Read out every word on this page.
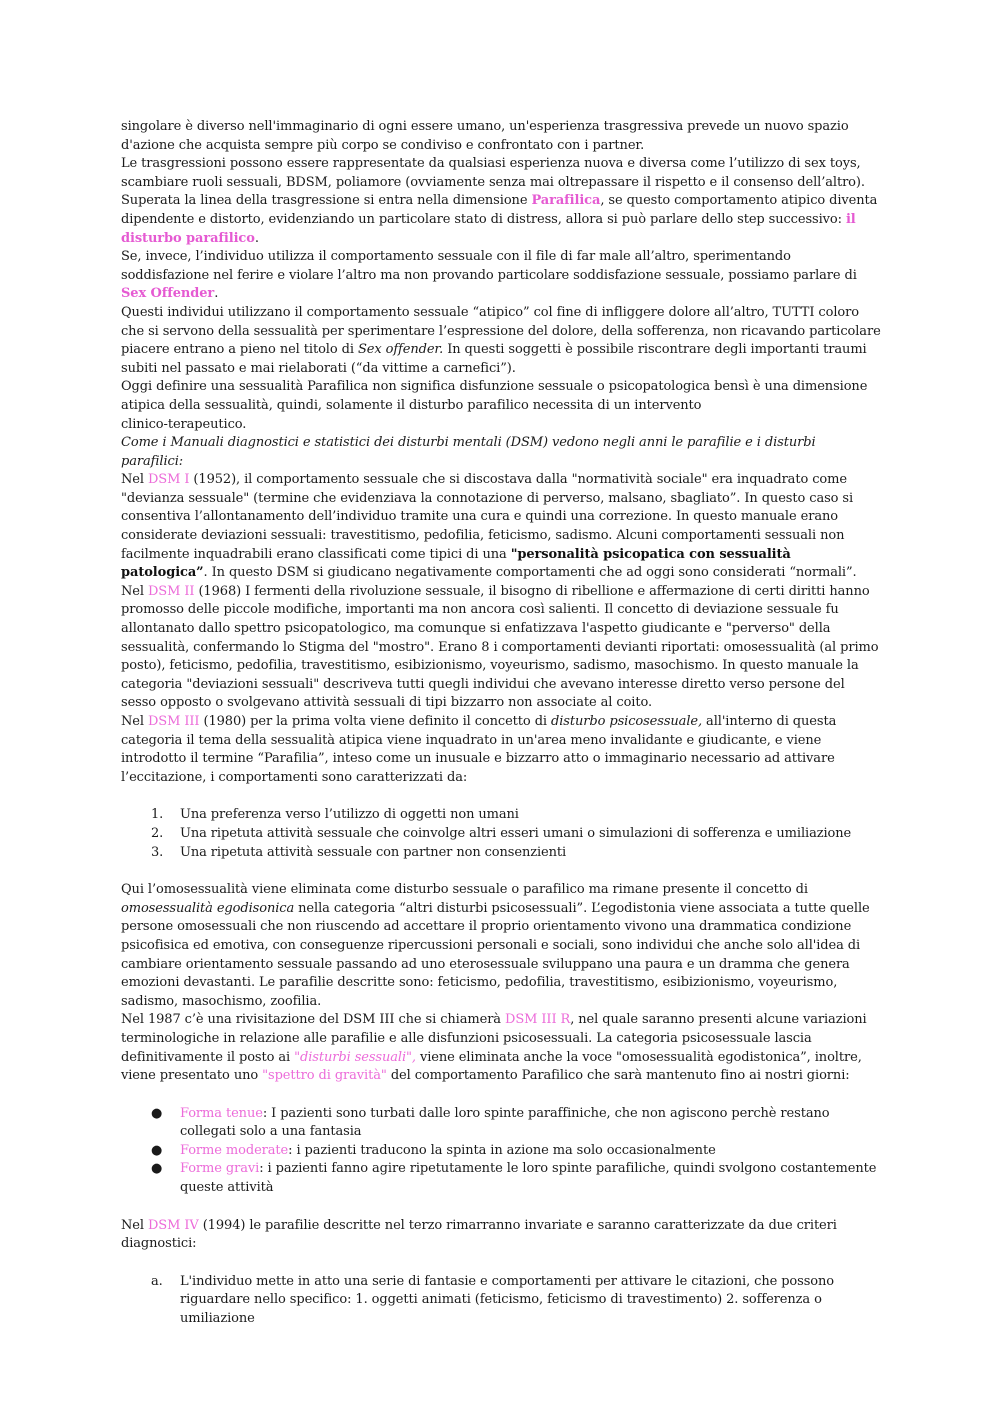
singolare è diverso nell'immaginario di ogni essere umano, un'esperienza trasgressiva prevede un nuovo spazio d'azione che acquista sempre più corpo se condiviso e confrontato con i partner.

Le trasgressioni possono essere rappresentate da qualsiasi esperienza nuova e diversa come l’utilizzo di sex toys, scambiare ruoli sessuali, BDSM, poliamore (ovviamente senza mai oltrepassare il rispetto e il consenso dell’altro).

Superata la linea della trasgressione si entra nella dimensione Parafilica, se questo comportamento atipico diventa dipendente e distorto, evidenziando un particolare stato di distress, allora si può parlare dello step successivo: il disturbo parafilico.

Se, invece, l’individuo utilizza il comportamento sessuale con il file di far male all’altro, sperimentando soddisfazione nel ferire e violare l’altro ma non provando particolare soddisfazione sessuale, possiamo parlare di Sex Offender.

Questi individui utilizzano il comportamento sessuale “atipico” col fine di infliggere dolore all’altro, TUTTI coloro che si servono della sessualità per sperimentare l’espressione del dolore, della sofferenza, non ricavando particolare piacere entrano a pieno nel titolo di Sex offender. In questi soggetti è possibile riscontrare degli importanti traumi subiti nel passato e mai rielaborati (“da vittime a carnefici”).

Oggi definire una sessualità Parafilica non significa disfunzione sessuale o psicopatologica bensì è una dimensione atipica della sessualità, quindi, solamente il disturbo parafilico necessita di un intervento

clinico-terapeutico.

Come i Manuali diagnostici e statistici dei disturbi mentali (DSM) vedono negli anni le parafilie e i disturbi parafilici:

Nel DSM I (1952), il comportamento sessuale che si discostava dalla "normatività sociale" era inquadrato come "devianza sessuale" (termine che evidenziava la connotazione di perverso, malsano, sbagliato”. In questo caso si consentiva l’allontanamento dell’individuo tramite una cura e quindi una correzione. In questo manuale erano considerate deviazioni sessuali: travestitismo, pedofilia, feticismo, sadismo. Alcuni comportamenti sessuali non facilmente inquadrabili erano classificati come tipici di una "personalità psicopatica con sessualità patologica”. In questo DSM si giudicano negativamente comportamenti che ad oggi sono considerati “normali”.

Nel DSM II (1968) I fermenti della rivoluzione sessuale, il bisogno di ribellione e affermazione di certi diritti hanno promosso delle piccole modifiche, importanti ma non ancora così salienti. Il concetto di deviazione sessuale fu allontanato dallo spettro psicopatologico, ma comunque si enfatizzava l'aspetto giudicante e "perverso" della sessualità, confermando lo Stigma del "mostro". Erano 8 i comportamenti devianti riportati: omosessualità (al primo posto), feticismo, pedofilia, travestitismo, esibizionismo, voyeurismo, sadismo, masochismo. In questo manuale la categoria "deviazioni sessuali" descriveva tutti quegli individui che avevano interesse diretto verso persone del sesso opposto o svolgevano attività sessuali di tipi bizzarro non associate al coito.

Nel DSM III (1980) per la prima volta viene definito il concetto di disturbo psicosessuale, all'interno di questa categoria il tema della sessualità atipica viene inquadrato in un'area meno invalidante e giudicante, e viene introdotto il termine “Parafilia”, inteso come un inusuale e bizzarro atto o immaginario necessario ad attivare l’eccitazione, i comportamenti sono caratterizzati da:

1. Una preferenza verso l’utilizzo di oggetti non umani
2. Una ripetuta attività sessuale che coinvolge altri esseri umani o simulazioni di sofferenza e umiliazione
3. Una ripetuta attività sessuale con partner non consenzienti

Qui l’omosessualità viene eliminata come disturbo sessuale o parafilico ma rimane presente il concetto di omosessualità egodisonica nella categoria “altri disturbi psicosessuali”. L’egodistonia viene associata a tutte quelle persone omosessuali che non riuscendo ad accettare il proprio orientamento vivono una drammatica condizione psicofisica ed emotiva, con conseguenze ripercussioni personali e sociali, sono individui che anche solo all'idea di cambiare orientamento sessuale passando ad uno eterosessuale sviluppano una paura e un dramma che genera emozioni devastanti. Le parafilie descritte sono: feticismo, pedofilia, travestitismo, esibizionismo, voyeurismo, sadismo, masochismo, zoofilia.

Nel 1987 c’è una rivisitazione del DSM III che si chiamerà DSM III R, nel quale saranno presenti alcune variazioni terminologiche in relazione alle parafilie e alle disfunzioni psicosessuali. La categoria psicosessuale lascia definitivamente il posto ai "disturbi sessuali", viene eliminata anche la voce "omosessualità egodistonica”, inoltre, viene presentato uno "spettro di gravità" del comportamento Parafilico che sarà mantenuto fino ai nostri giorni:

● Forma tenue: I pazienti sono turbati dalle loro spinte paraffiniche, che non agiscono perchè restano collegati solo a una fantasia
● Forme moderate: i pazienti traducono la spinta in azione ma solo occasionalmente
● Forme gravi: i pazienti fanno agire ripetutamente le loro spinte parafiliche, quindi svolgono costantemente queste attività

Nel DSM IV (1994) le parafilie descritte nel terzo rimarranno invariate e saranno caratterizzate da due criteri diagnostici:

a. L'individuo mette in atto una serie di fantasie e comportamenti per attivare le citazioni, che possono riguardare nello specifico: 1. oggetti animati (feticismo, feticismo di travestimento) 2. sofferenza o umiliazione
